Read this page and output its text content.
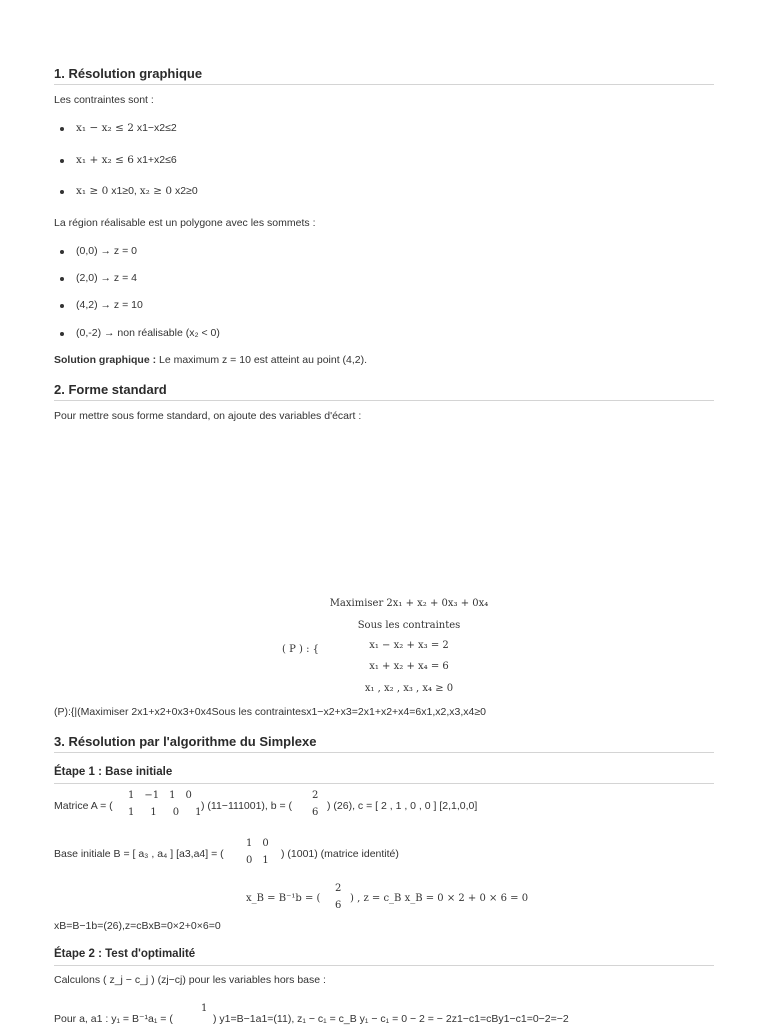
1. Résolution graphique
Les contraintes sont :
x₁ − x₂ ≤ 2 x1−x2≤2
x₁ + x₂ ≤ 6 x1+x2≤6
x₁ ≥ 0 x1≥0, x₂ ≥ 0 x2≥0
La région réalisable est un polygone avec les sommets :
(0,0) → z = 0
(2,0) → z = 4
(4,2) → z = 10
(0,-2) → non réalisable (x₂ < 0)
Solution graphique : Le maximum z = 10 est atteint au point (4,2).
2. Forme standard
Pour mettre sous forme standard, on ajoute des variables d'écart :
( P ) : {
Maximiser 2x₁ + x₂ + 0x₃ + 0x₄
Sous les contraintes
x₁ − x₂ + x₃ = 2
x₁ + x₂ + x₄ = 6
x₁ , x₂ , x₃ , x₄ ≥ 0
(P):{|(Maximiser 2x1+x2+0x3+0x4Sous les contraintesx1−x2+x3=2x1+x2+x4=6x1,x2,x3,x4≥0
3. Résolution par l'algorithme du Simplexe
Étape 1 : Base initiale
Matrice A = (
1 −1 1 0
1 1 0 1
) (11−111001), b = (
2
6
) (26), c = [ 2 , 1 , 0 , 0 ] [2,1,0,0]
Base initiale B = [ a₃ , a₄ ] [a3,a4] = (
1 0
0 1
) (1001) (matrice identité)
x_B = B⁻¹b = (
2
6
) , z = c_B x_B = 0 × 2 + 0 × 6 = 0
xB=B−1b=(26),z=cBxB=0×2+0×6=0
Étape 2 : Test d'optimalité
Calculons ( z_j − c_j ) (zj−cj) pour les variables hors base :
Pour a, a1 : y₁ = B⁻¹a₁ = (
1
) y1=B−1a1=(11), z₁ − c₁ = c_B y₁ − c₁ = 0 − 2 = − 2z1−c1=cBy1−c1=0−2=−2
